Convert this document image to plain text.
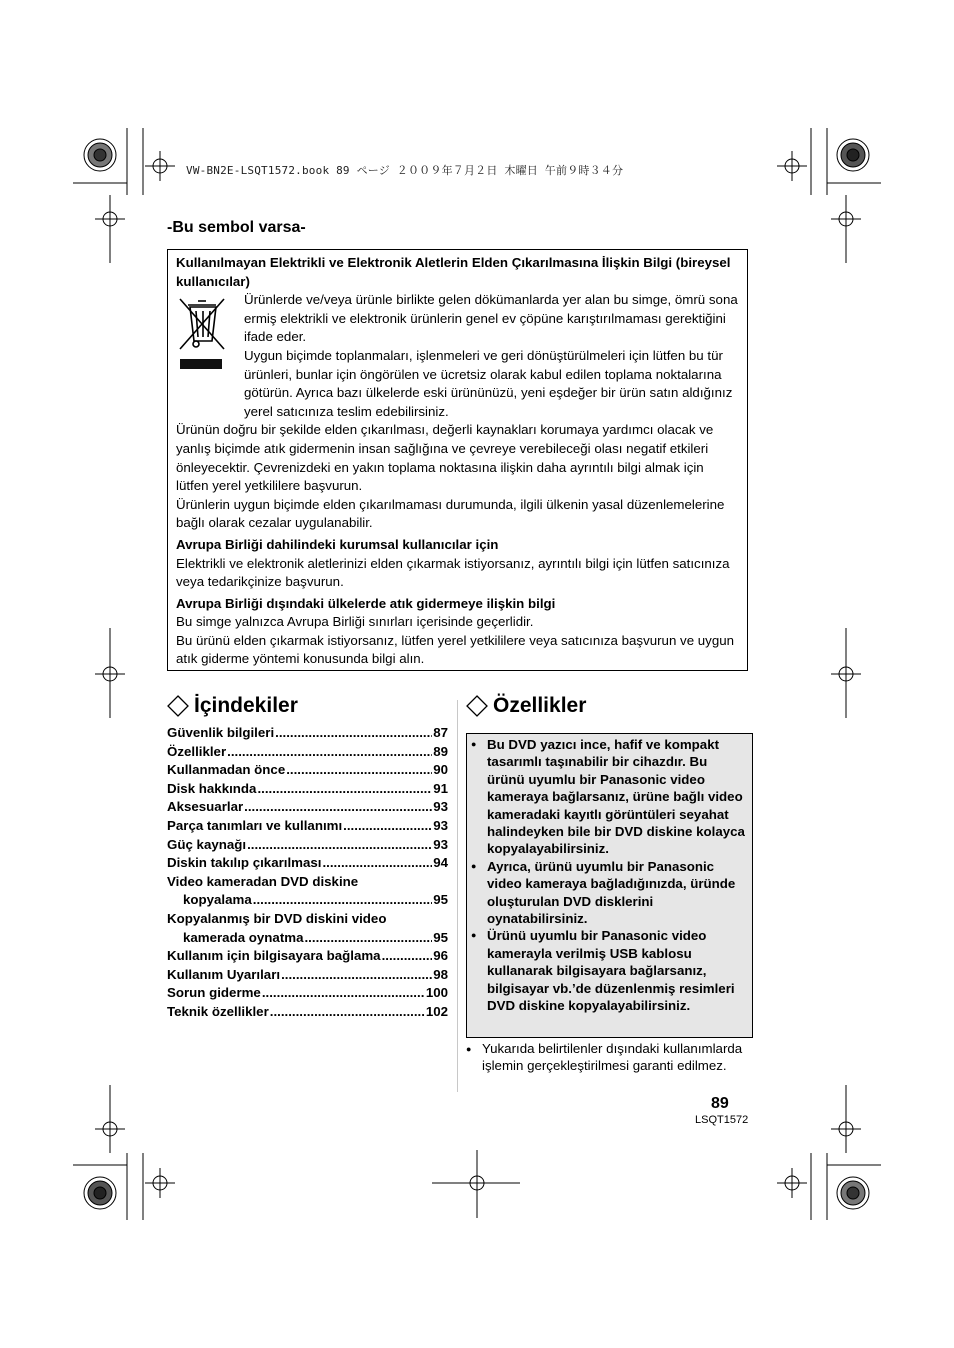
VW-BN2E-LSQT1572.book 89 ページ ２００９年７月２日 木曜日 午前９時３４分
-Bu sembol varsa-

Kullanılmayan Elektrikli ve Elektronik Aletlerin Elden Çıkarılmasına İlişkin Bilgi (bireysel kullanıcılar)

Ürünlerde ve/veya ürünle birlikte gelen dökümanlarda yer alan bu simge, ömrü sona ermiş elektrikli ve elektronik ürünlerin genel ev çöpüne karıştırılmaması gerektiğini ifade eder.

Uygun biçimde toplanmaları, işlenmeleri ve geri dönüştürülmeleri için lütfen bu tür ürünleri, bunlar için öngörülen ve ücretsiz olarak kabul edilen toplama noktalarına götürün. Ayrıca bazı ülkelerde eski ürününüzü, yeni eşdeğer bir ürün satın aldığınız yerel satıcınıza teslim edebilirsiniz.

Ürünün doğru bir şekilde elden çıkarılması, değerli kaynakları korumaya yardımcı olacak ve yanlış biçimde atık gidermenin insan sağlığına ve çevreye verebileceği olası negatif etkileri önleyecektir. Çevrenizdeki en yakın toplama noktasına ilişkin daha ayrıntılı bilgi almak için lütfen yerel yetkililere başvurun.

Ürünlerin uygun biçimde elden çıkarılmaması durumunda, ilgili ülkenin yasal düzenlemelerine bağlı olarak cezalar uygulanabilir.

Avrupa Birliği dahilindeki kurumsal kullanıcılar için

Elektrikli ve elektronik aletlerinizi elden çıkarmak istiyorsanız, ayrıntılı bilgi için lütfen satıcınıza veya tedarikçinize başvurun.

Avrupa Birliği dışındaki ülkelerde atık gidermeye ilişkin bilgi

Bu simge yalnızca Avrupa Birliği sınırları içerisinde geçerlidir.

Bu ürünü elden çıkarmak istiyorsanız, lütfen yerel yetkililere veya satıcınıza başvurun ve uygun atık giderme yöntemi konusunda bilgi alın.

İçindekiler
Güvenlik bilgileri .....	87
Özellikler .....	89
Kullanmadan önce .....	90
Disk hakkında .....	91
Aksesuarlar .....	93
Parça tanımları ve kullanımı .....	93
Güç kaynağı .....	93
Diskin takılıp çıkarılması .....	94
Video kameradan DVD diskine
kopyalama .....	95
Kopyalanmış bir DVD diskini video
kamerada oynatma .....	95
Kullanım için bilgisayara bağlama .....	96
Kullanım Uyarıları .....	98
Sorun giderme .....	100
Teknik özellikler .....	102
Özellikler
● Bu DVD yazıcı ince, hafif ve kompakt tasarımlı taşınabilir bir cihazdır. Bu ürünü uyumlu bir Panasonic video kameraya bağlarsanız, ürüne bağlı video kameradaki kayıtlı görüntüleri seyahat halindeyken bile bir DVD diskine kolayca kopyalayabilirsiniz.
● Ayrıca, ürünü uyumlu bir Panasonic video kameraya bağladığınızda, üründe oluşturulan DVD disklerini oynatabilirsiniz.
● Ürünü uyumlu bir Panasonic video kamerayla verilmiş USB kablosu kullanarak bilgisayara bağlarsanız, bilgisayar vb.’de düzenlenmiş resimleri DVD diskine kopyalayabilirsiniz.
● Yukarıda belirtilenler dışındaki kullanımlarda işlemin gerçekleştirilmesi garanti edilmez.
89
LSQT1572
